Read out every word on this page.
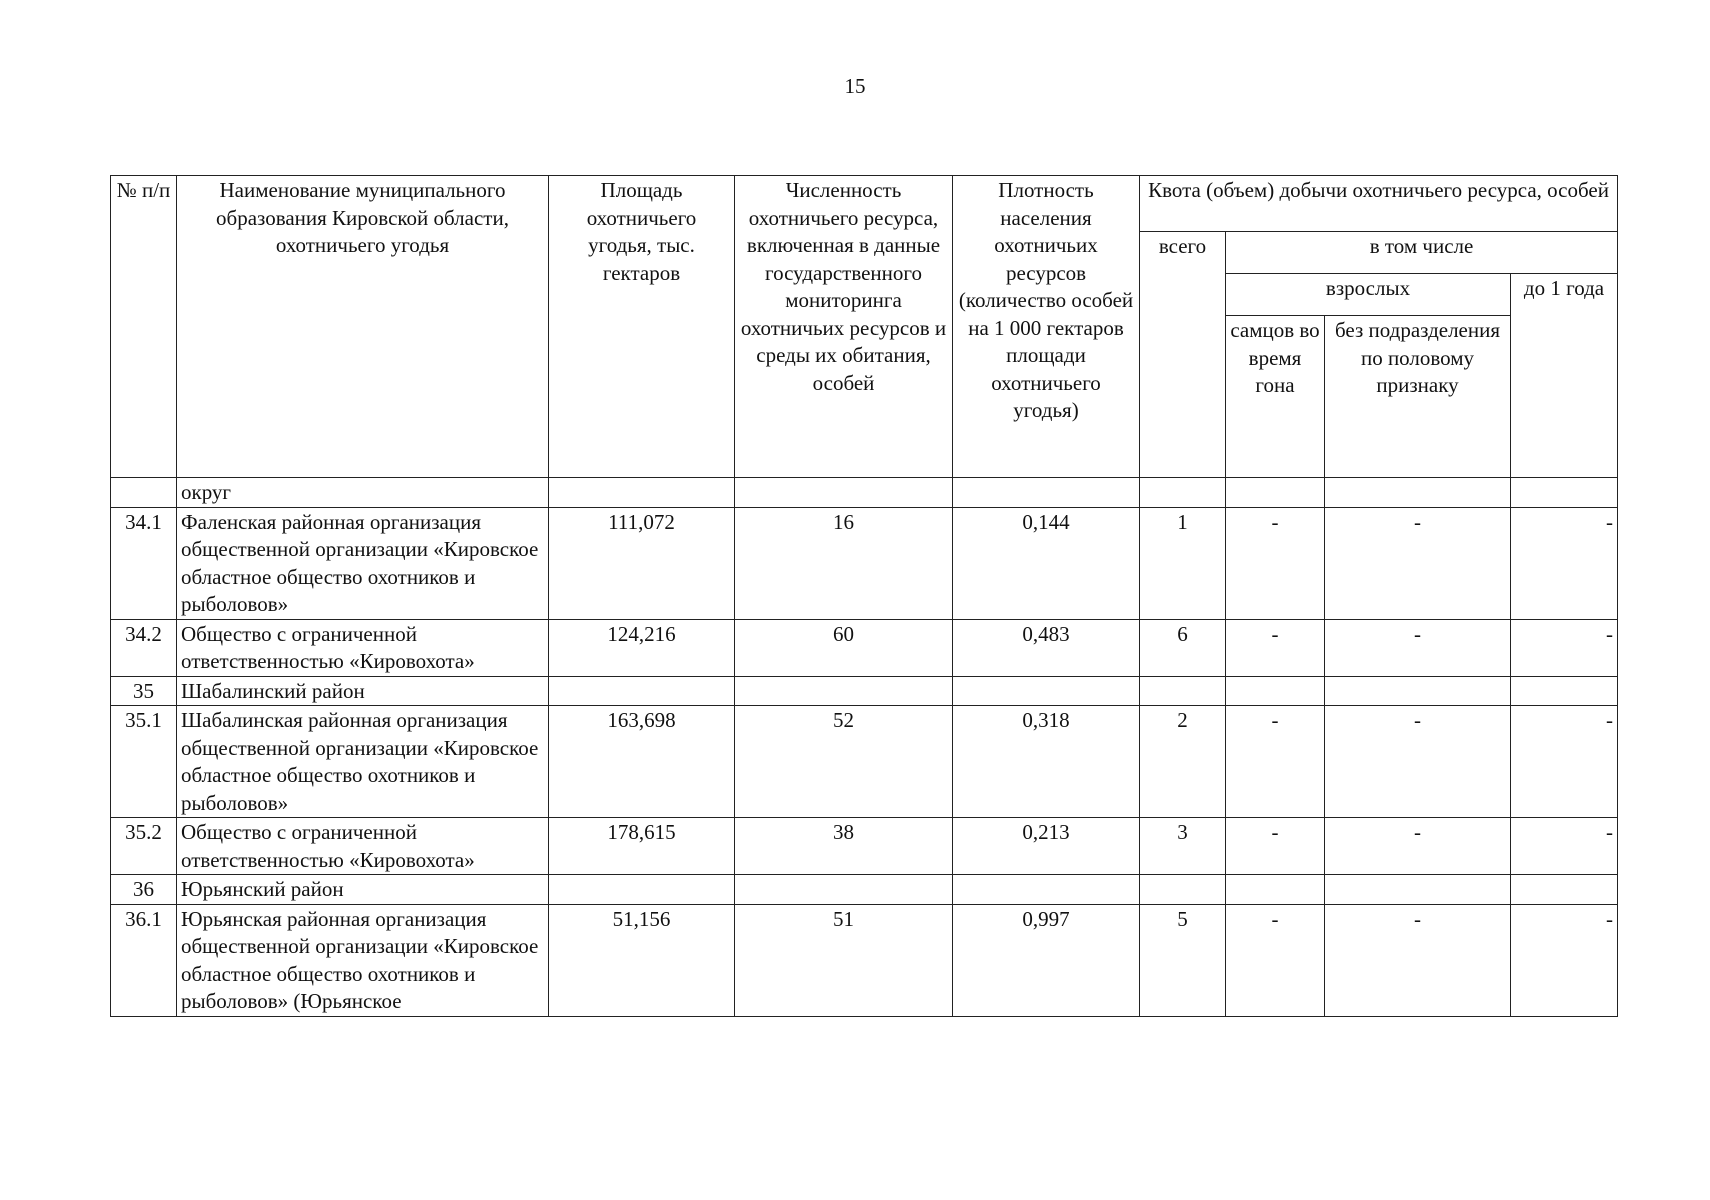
15
№ п/п	Наименование муниципального образования Кировской области, охотничьего угодья	Площадь охотничьего угодья, тыс. гектаров	Численность охотничьего ресурса, включенная в данные государственного мониторинга охотничьих ресурсов и среды их обитания, особей	Плотность населения охотничьих ресурсов (количество особей на 1 000 гектаров площади охотничьего угодья)	Квота (объем) добычи охотничьего ресурса, особей			
					всего	в том числе		
						взрослых		до 1 года
						самцов во время гона	без подразделения по половому признаку	
	округ							
34.1	Фаленская районная организация общественной организации «Кировское областное общество охотников и рыболовов»	111,072	16	0,144	1	-	-	-
34.2	Общество с ограниченной ответственностью «Кировохота»	124,216	60	0,483	6	-	-	-
35	Шабалинский район							
35.1	Шабалинская районная организация общественной организации «Кировское областное общество охотников и рыболовов»	163,698	52	0,318	2	-	-	-
35.2	Общество с ограниченной ответственностью «Кировохота»	178,615	38	0,213	3	-	-	-
36	Юрьянский район							
36.1	Юрьянская районная организация общественной организации «Кировское областное общество охотников и рыболовов» (Юрьянское	51,156	51	0,997	5	-	-	-
